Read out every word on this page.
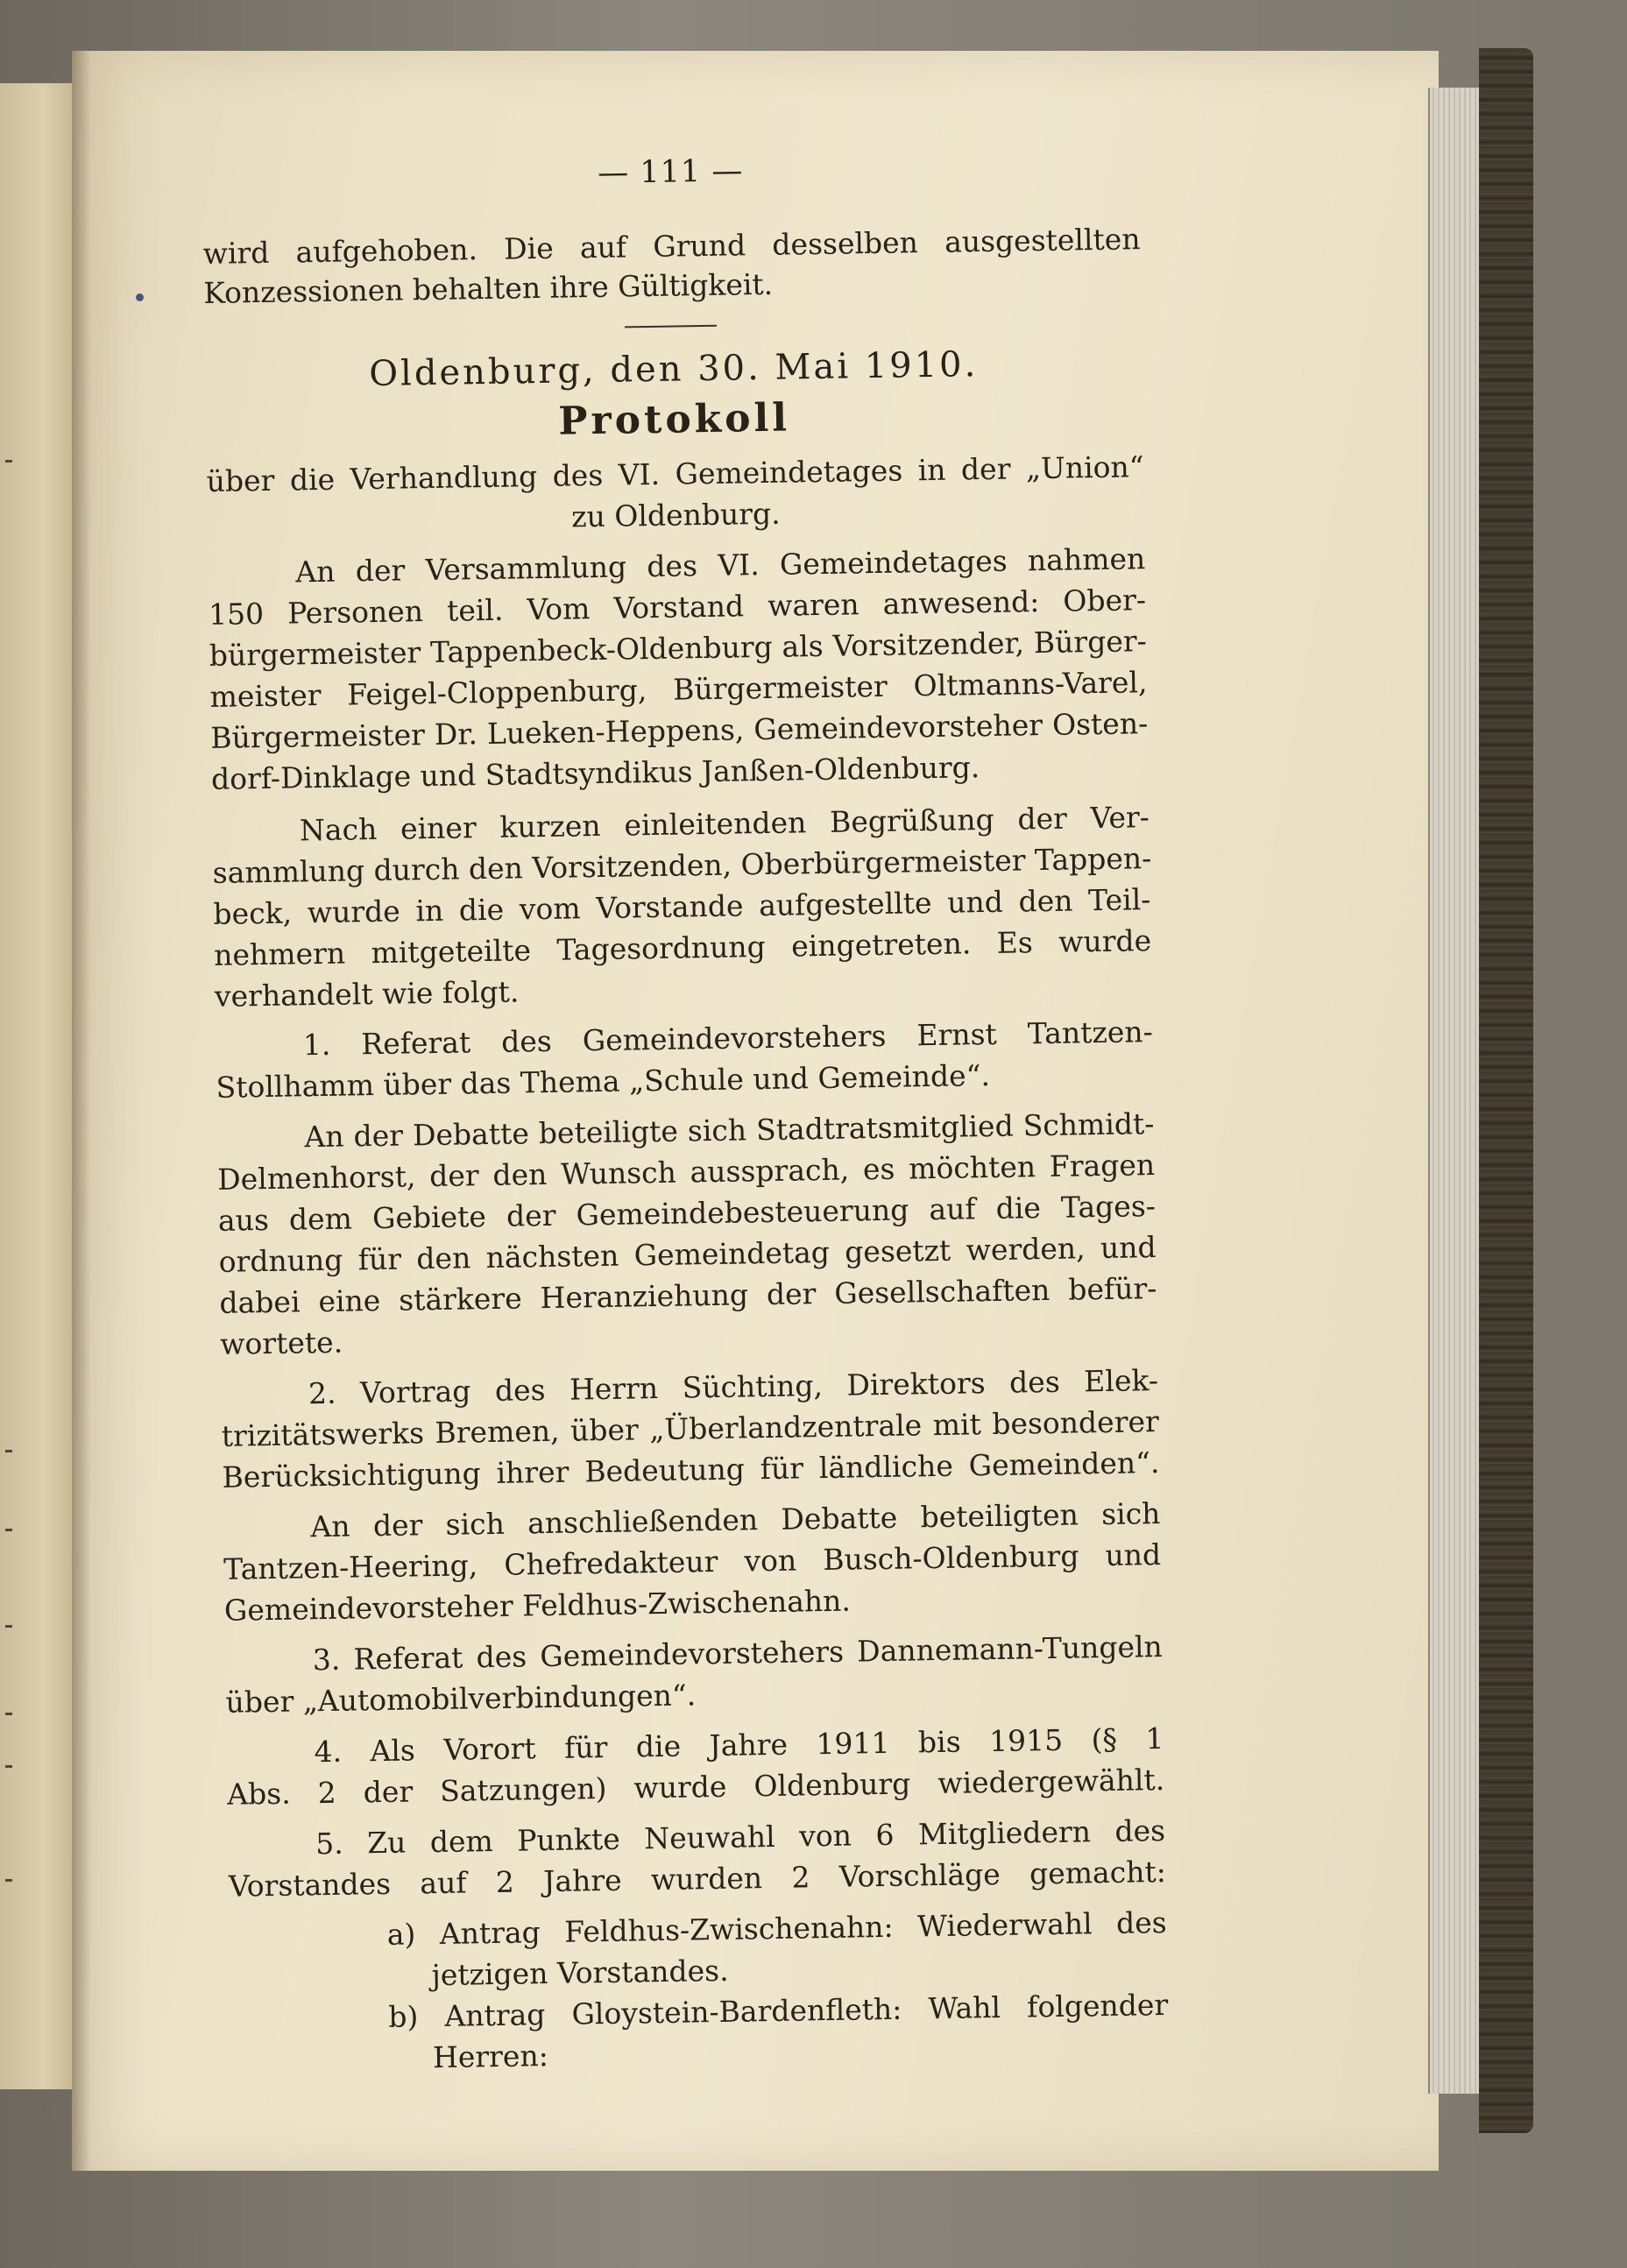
— 111 —
wird aufgehoben. Die auf Grund desselben ausgestellten
Konzessionen behalten ihre Gültigkeit.
Oldenburg, den 30. Mai 1910.
Protokoll
über die Verhandlung des VI. Gemeindetages in der „Union“
zu Oldenburg.
An der Versammlung des VI. Gemeindetages nahmen
150 Personen teil. Vom Vorstand waren anwesend: Ober-
bürgermeister Tappenbeck-Oldenburg als Vorsitzender, Bürger-
meister Feigel-Cloppenburg, Bürgermeister Oltmanns-Varel,
Bürgermeister Dr. Lueken-Heppens, Gemeindevorsteher Osten-
dorf-Dinklage und Stadtsyndikus Janßen-Oldenburg.
Nach einer kurzen einleitenden Begrüßung der Ver-
sammlung durch den Vorsitzenden, Oberbürgermeister Tappen-
beck, wurde in die vom Vorstande aufgestellte und den Teil-
nehmern mitgeteilte Tagesordnung eingetreten. Es wurde
verhandelt wie folgt.
1. Referat des Gemeindevorstehers Ernst Tantzen-
Stollhamm über das Thema „Schule und Gemeinde“.
An der Debatte beteiligte sich Stadtratsmitglied Schmidt-
Delmenhorst, der den Wunsch aussprach, es möchten Fragen
aus dem Gebiete der Gemeindebesteuerung auf die Tages-
ordnung für den nächsten Gemeindetag gesetzt werden, und
dabei eine stärkere Heranziehung der Gesellschaften befür-
wortete.
2. Vortrag des Herrn Süchting, Direktors des Elek-
trizitätswerks Bremen, über „Überlandzentrale mit besonderer
Berücksichtigung ihrer Bedeutung für ländliche Gemeinden“.
An der sich anschließenden Debatte beteiligten sich
Tantzen-Heering, Chefredakteur von Busch-Oldenburg und
Gemeindevorsteher Feldhus-Zwischenahn.
3. Referat des Gemeindevorstehers Dannemann-Tungeln
über „Automobilverbindungen“.
4. Als Vorort für die Jahre 1911 bis 1915 (§ 1
Abs. 2 der Satzungen) wurde Oldenburg wiedergewählt.
5. Zu dem Punkte Neuwahl von 6 Mitgliedern des
Vorstandes auf 2 Jahre wurden 2 Vorschläge gemacht:
a) Antrag Feldhus-Zwischenahn: Wiederwahl des
jetzigen Vorstandes.
b) Antrag Gloystein-Bardenfleth: Wahl folgender
Herren:
